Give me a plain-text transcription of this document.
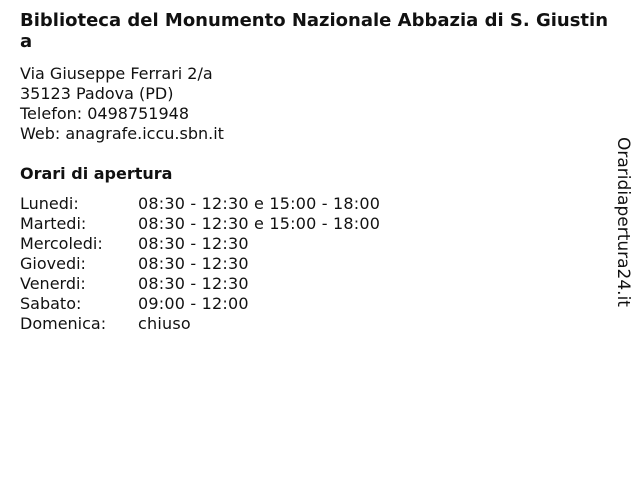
Biblioteca del Monumento Nazionale Abbazia di S. Giustina
Via Giuseppe Ferrari 2/a
35123 Padova (PD)
Telefon: 0498751948
Web: anagrafe.iccu.sbn.it
Orari di apertura
Lunedi:	08:30 - 12:30 e 15:00 - 18:00
Martedi:	08:30 - 12:30 e 15:00 - 18:00
Mercoledi:	08:30 - 12:30
Giovedi:	08:30 - 12:30
Venerdi:	08:30 - 12:30
Sabato:	09:00 - 12:00
Domenica:	chiuso
Oraridiapertura24.it
